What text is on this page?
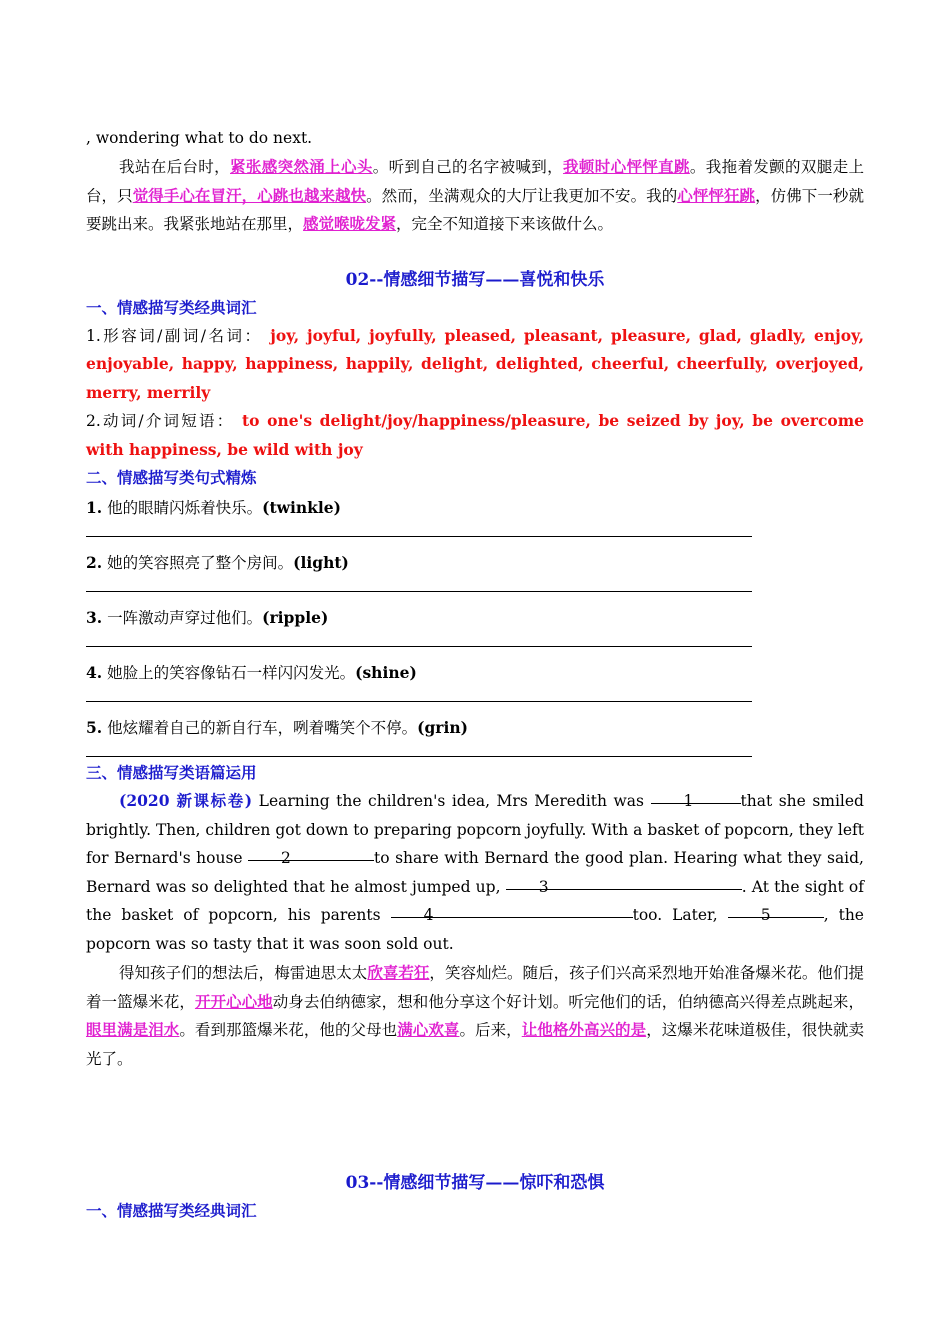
, wondering what to do next.
我站在后台时，紧张感突然涌上心头。听到自己的名字被喊到，我顿时心怦怦直跳。我拖着发颤的双腿走上台，只觉得手心在冒汗，心跳也越来越快。然而，坐满观众的大厅让我更加不安。我的心怦怦狂跳，仿佛下一秒就要跳出来。我紧张地站在那里，感觉喉咙发紧，完全不知道接下来该做什么。
02--情感细节描写——喜悦和快乐
一、情感描写类经典词汇
1.形容词/副词/名词： joy, joyful, joyfully, pleased, pleasant, pleasure, glad, gladly, enjoy, enjoyable, happy, happiness, happily, delight, delighted, cheerful, cheerfully, overjoyed, merry, merrily
2.动词/介词短语： to one's delight/joy/happiness/pleasure, be seized by joy, be overcome with happiness, be wild with joy
二、情感描写类句式精炼
1. 他的眼睛闪烁着快乐。(twinkle)
2. 她的笑容照亮了整个房间。(light)
3. 一阵激动声穿过他们。(ripple)
4. 她脸上的笑容像钻石一样闪闪发光。(shine)
5. 他炫耀着自己的新自行车，咧着嘴笑个不停。(grin)
三、情感描写类语篇运用
(2020 新课标卷) Learning the children's idea, Mrs Meredith was 1	that she smiled brightly. Then, children got down to preparing popcorn joyfully. With a basket of popcorn, they left for Bernard's house 2	to share with Bernard the good plan. Hearing what they said, Bernard was so delighted that he almost jumped up, 3	. At the sight of the basket of popcorn, his parents 4	too. Later, 5	, the popcorn was so tasty that it was soon sold out.
得知孩子们的想法后，梅雷迪思太太欣喜若狂，笑容灿烂。随后，孩子们兴高采烈地开始准备爆米花。他们提着一篮爆米花，开开心心地动身去伯纳德家，想和他分享这个好计划。听完他们的话，伯纳德高兴得差点跳起来，眼里满是泪水。看到那篮爆米花，他的父母也满心欢喜。后来，让他格外高兴的是，这爆米花味道极佳，很快就卖光了。
03--情感细节描写——惊吓和恐惧
一、情感描写类经典词汇
